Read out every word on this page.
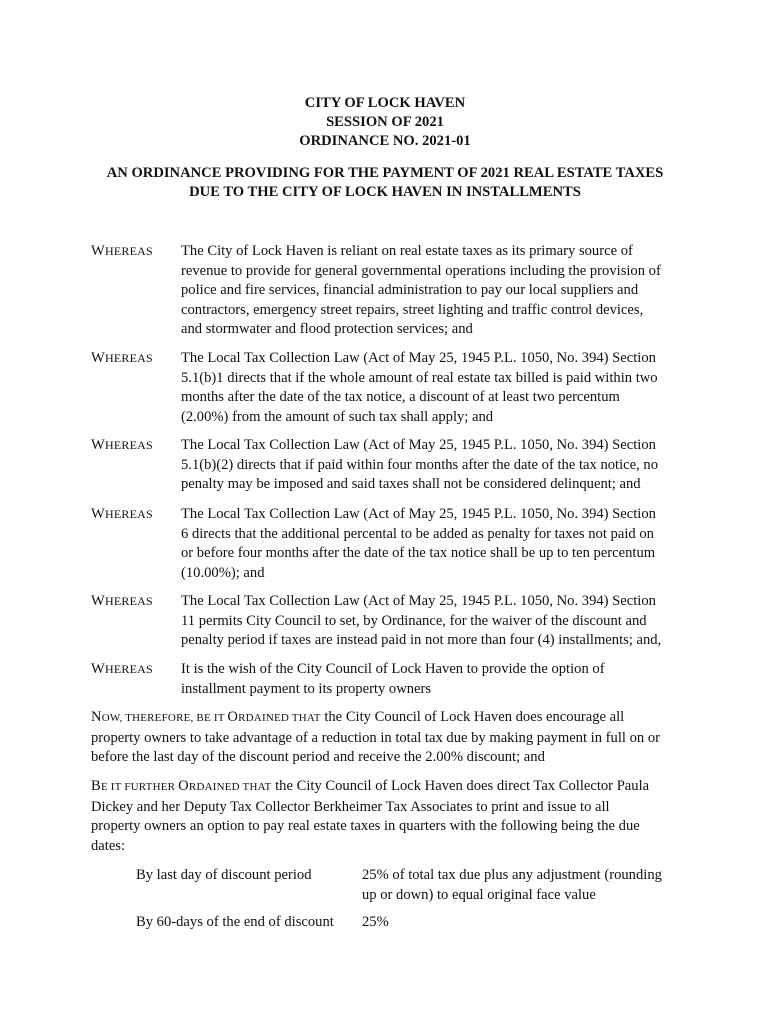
CITY OF LOCK HAVEN
SESSION OF 2021
ORDINANCE NO. 2021-01
AN ORDINANCE PROVIDING FOR THE PAYMENT OF 2021 REAL ESTATE TAXES
DUE TO THE CITY OF LOCK HAVEN IN INSTALLMENTS
WHEREAS The City of Lock Haven is reliant on real estate taxes as its primary source of
revenue to provide for general governmental operations including the provision of
police and fire services, financial administration to pay our local suppliers and
contractors, emergency street repairs, street lighting and traffic control devices,
and stormwater and flood protection services; and
WHEREAS The Local Tax Collection Law (Act of May 25, 1945 P.L. 1050, No. 394) Section
5.1(b)1 directs that if the whole amount of real estate tax billed is paid within two
months after the date of the tax notice, a discount of at least two percentum
(2.00%) from the amount of such tax shall apply; and
WHEREAS The Local Tax Collection Law (Act of May 25, 1945 P.L. 1050, No. 394) Section
5.1(b)(2) directs that if paid within four months after the date of the tax notice, no
penalty may be imposed and said taxes shall not be considered delinquent; and
WHEREAS The Local Tax Collection Law (Act of May 25, 1945 P.L. 1050, No. 394) Section
6 directs that the additional percental to be added as penalty for taxes not paid on
or before four months after the date of the tax notice shall be up to ten percentum
(10.00%); and
WHEREAS The Local Tax Collection Law (Act of May 25, 1945 P.L. 1050, No. 394) Section
11 permits City Council to set, by Ordinance, for the waiver of the discount and
penalty period if taxes are instead paid in not more than four (4) installments; and,
WHEREAS It is the wish of the City Council of Lock Haven to provide the option of
installment payment to its property owners
NOW, THEREFORE, BE IT ORDAINED THAT the City Council of Lock Haven does encourage all
property owners to take advantage of a reduction in total tax due by making payment in full on or
before the last day of the discount period and receive the 2.00% discount; and
BE IT FURTHER ORDAINED THAT the City Council of Lock Haven does direct Tax Collector Paula
Dickey and her Deputy Tax Collector Berkheimer Tax Associates to print and issue to all
property owners an option to pay real estate taxes in quarters with the following being the due
dates:
By last day of discount period	25% of total tax due plus any adjustment (rounding
up or down) to equal original face value
By 60-days of the end of discount 25%
